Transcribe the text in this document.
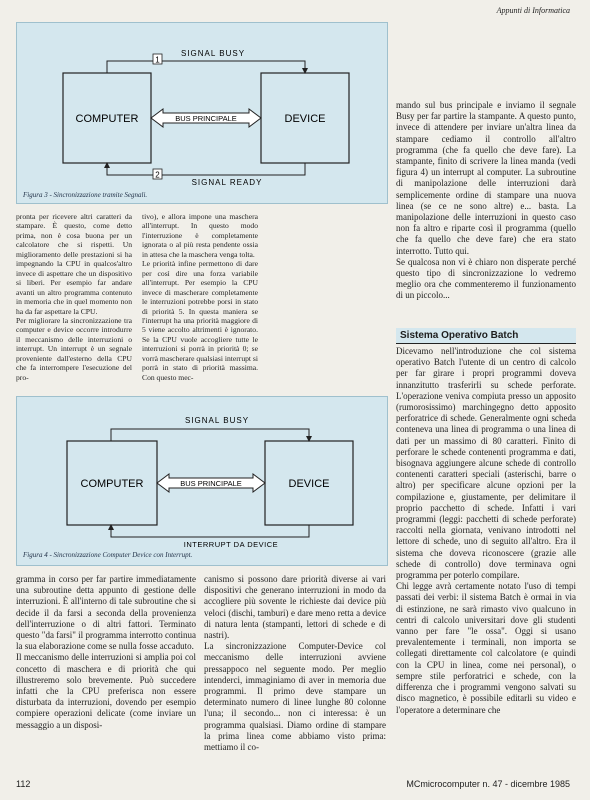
Appunti di Informatica
1
2
SIGNAL BUSY
SIGNAL READY
COMPUTER	DEVICE
BUS PRINCIPALE
Figura 3 - Sincronizzazione tramite Segnali.
SIGNAL BUSY
INTERRUPT DA DEVICE
COMPUTER	DEVICE
BUS PRINCIPALE
Figura 4 - Sincronizzazione Computer Device con Interrupt.

pronta per ricevere altri caratteri da stampare. È questo, come detto prima, non è cosa buona per un calcolatore che si rispetti. Un miglioramento delle prestazioni si ha impegnando la CPU in qualcos'altro invece di aspettare che un dispositivo si liberi. Per esempio far andare avanti un altro programma contenuto in memoria che in quel momento non ha da far aspettare la CPU.

Per migliorare la sincronizzazione tra computer e device occorre introdurre il meccanismo delle interruzioni o interrupt. Un interrupt è un segnale proveniente dall'esterno della CPU che fa interrompere l'esecuzione del pro-

tivo), e allora impone una maschera all'interrupt. In questo modo l'interruzione è completamente ignorata o al più resta pendente ossia in attesa che la maschera venga tolta.

Le priorità infine permettono di dare per così dire una forza variabile all'interrupt. Per esempio la CPU invece di mascherare completamente le interruzioni potrebbe porsi in stato di priorità 5. In questa maniera se l'interrupt ha una priorità maggiore di 5 viene accolto altrimenti è ignorato. Se la CPU vuole accogliere tutte le interruzioni si porrà in priorità 0; se vorrà mascherare qualsiasi interrupt si porrà in stato di priorità massima. Con questo mec-

mando sul bus principale e inviamo il segnale Busy per far partire la stampante. A questo punto, invece di attendere per inviare un'altra linea da stampare cediamo il controllo all'altro programma (che fa quello che deve fare). La stampante, finito di scrivere la linea manda (vedi figura 4) un interrupt al computer. La subroutine di manipolazione delle interruzioni darà semplicemente ordine di stampare una nuova linea (se ce ne sono altre) e... basta. La manipolazione delle interruzioni in questo caso non fa altro e riparte così il programma (quello che fa quello che deve fare) che era stato interrotto. Tutto qui.

Se qualcosa non vi è chiaro non disperate perché questo tipo di sincronizzazione lo vedremo meglio ora che commenteremo il funzionamento di un piccolo...

Sistema Operativo Batch

Dicevamo nell'introduzione che col sistema operativo Batch l'utente di un centro di calcolo per far girare i propri programmi doveva innanzitutto trasferirli su schede perforate. L'operazione veniva compiuta presso un apposito (rumorosissimo) marchingegno detto apposito perforatrice di schede. Generalmente ogni scheda conteneva una linea di programma o una linea di dati per un massimo di 80 caratteri. Finito di perforare le schede contenenti programma e dati, bisognava aggiungere alcune schede di controllo contenenti caratteri speciali (asterischi, barre o altro) per specificare alcune opzioni per la compilazione e, giustamente, per delimitare il proprio pacchetto di schede. Infatti i vari programmi (leggi: pacchetti di schede perforate) raccolti nella giornata, venivano introdotti nel lettore di schede, uno di seguito all'altro. Era il sistema che doveva riconoscere (grazie alle schede di controllo) dove terminava ogni programma per poterlo compilare.

Chi legge avrà certamente notato l'uso di tempi passati dei verbi: il sistema Batch è ormai in via di estinzione, ne sarà rimasto vivo qualcuno in centri di calcolo universitari dove gli studenti vanno per fare "le ossa". Oggi si usano prevalentemente i terminali, non importa se collegati direttamente col calcolatore (e quindi con la CPU in linea, come nei personal), o sempre stile perforatrici e schede, con la differenza che i programmi vengono salvati su disco magnetico, è possibile editarli su video e l'operatore a determinare che

gramma in corso per far partire immediatamente una subroutine detta appunto di gestione delle interruzioni. È all'interno di tale subroutine che si decide il da farsi a seconda della provenienza dell'interruzione o di altri fattori. Terminato questo "da farsi" il programma interrotto continua la sua elaborazione come se nulla fosse accaduto.

Il meccanismo delle interruzioni si amplia poi col concetto di maschera e di priorità che qui illustreremo solo brevemente. Può succedere infatti che la CPU preferisca non essere disturbata da interruzioni, dovendo per esempio compiere operazioni delicate (come inviare un messaggio a un disposi-

canismo si possono dare priorità diverse ai vari dispositivi che generano interruzioni in modo da accogliere più sovente le richieste dai device più veloci (dischi, tamburi) e dare meno retta a device di natura lenta (stampanti, lettori di schede e di nastri).

La sincronizzazione Computer-Device col meccanismo delle interruzioni avviene pressappoco nel seguente modo. Per meglio intenderci, immaginiamo di aver in memoria due programmi. Il primo deve stampare un determinato numero di linee lunghe 80 colonne l'una; il secondo... non ci interessa: è un programma qualsiasi. Diamo ordine di stampare la prima linea come abbiamo visto prima: mettiamo il co-

112	MCmicrocomputer n. 47 - dicembre 1985
